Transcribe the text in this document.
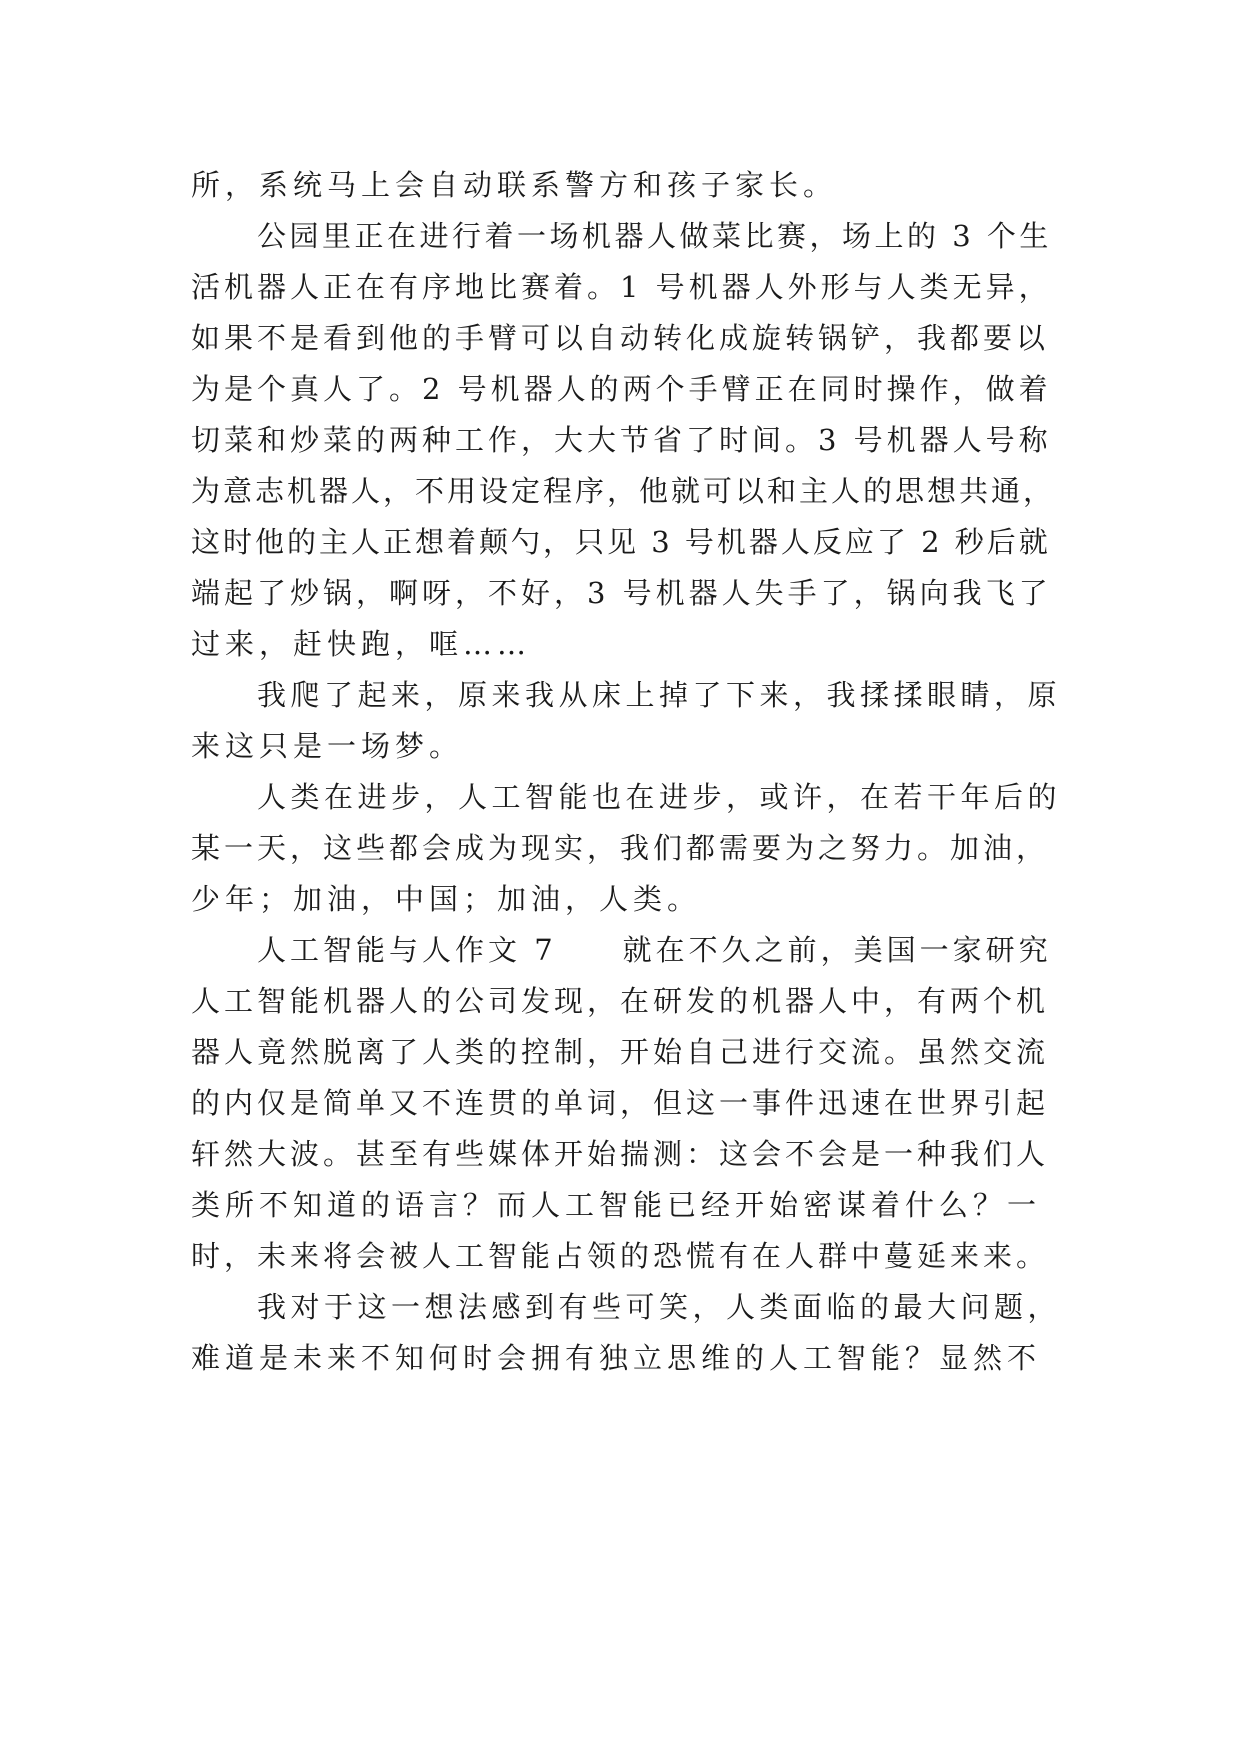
所，系统马上会自动联系警方和孩子家长。
公园里正在进行着一场机器人做菜比赛，场上的 3 个生
活机器人正在有序地比赛着。1 号机器人外形与人类无异，
如果不是看到他的手臂可以自动转化成旋转锅铲，我都要以
为是个真人了。2 号机器人的两个手臂正在同时操作，做着
切菜和炒菜的两种工作，大大节省了时间。3 号机器人号称
为意志机器人，不用设定程序，他就可以和主人的思想共通，
这时他的主人正想着颠勺，只见 3 号机器人反应了 2 秒后就
端起了炒锅，啊呀，不好，3 号机器人失手了，锅向我飞了
过来，赶快跑，哐……
我爬了起来，原来我从床上掉了下来，我揉揉眼睛，原
来这只是一场梦。
人类在进步，人工智能也在进步，或许，在若干年后的
某一天，这些都会成为现实，我们都需要为之努力。加油，
少年；加油，中国；加油，人类。
人工智能与人作文 7　　就在不久之前，美国一家研究
人工智能机器人的公司发现，在研发的机器人中，有两个机
器人竟然脱离了人类的控制，开始自己进行交流。虽然交流
的内仅是简单又不连贯的单词，但这一事件迅速在世界引起
轩然大波。甚至有些媒体开始揣测：这会不会是一种我们人
类所不知道的语言？而人工智能已经开始密谋着什么？一
时，未来将会被人工智能占领的恐慌有在人群中蔓延来来。
我对于这一想法感到有些可笑，人类面临的最大问题，
难道是未来不知何时会拥有独立思维的人工智能？显然不
